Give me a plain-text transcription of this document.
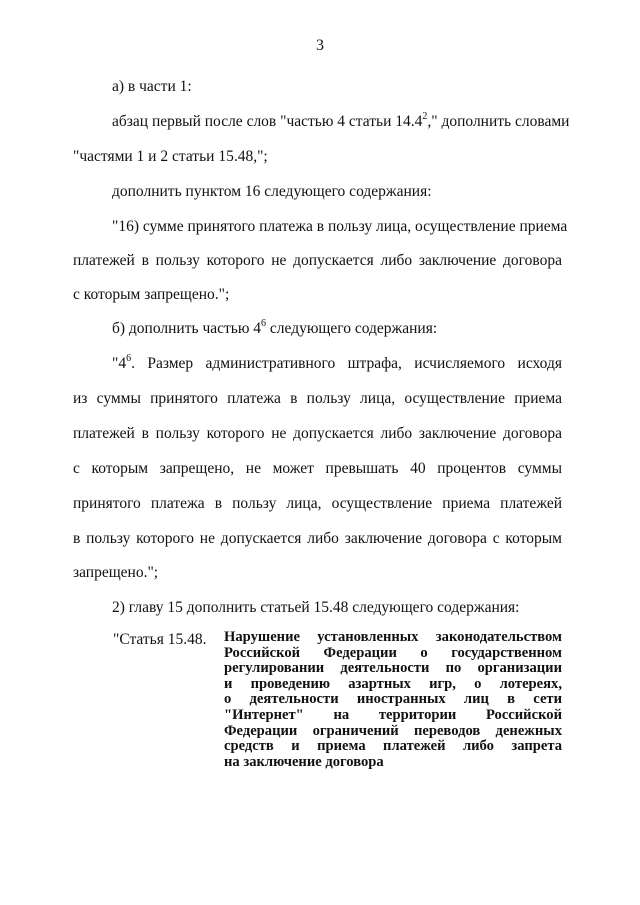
3
а) в части 1:
абзац первый после слов "частью 4 статьи 14.4$^2$," дополнить словами
"частями 1 и 2 статьи 15.48,";
дополнить пунктом 16 следующего содержания:
"16) сумме принятого платежа в пользу лица, осуществление приема
платежей в пользу которого не допускается либо заключение договора
с которым запрещено.";
б) дополнить частью $4^6$ следующего содержания:
"$4^6$. Размер административного штрафа, исчисляемого исходя
из суммы принятого платежа в пользу лица, осуществление приема
платежей в пользу которого не допускается либо заключение договора
с которым запрещено, не может превышать 40 процентов суммы
принятого платежа в пользу лица, осуществление приема платежей
в пользу которого не допускается либо заключение договора с которым
запрещено.";
2) главу 15 дополнить статьей 15.48 следующего содержания:
"Статья 15.48. Нарушение установленных законодательством
Российской Федерации о государственном
регулировании деятельности по организации
и проведению азартных игр, о лотереях,
о деятельности иностранных лиц в сети
"Интернет" на территории Российской
Федерации ограничений переводов денежных
средств и приема платежей либо запрета
на заключение договора
